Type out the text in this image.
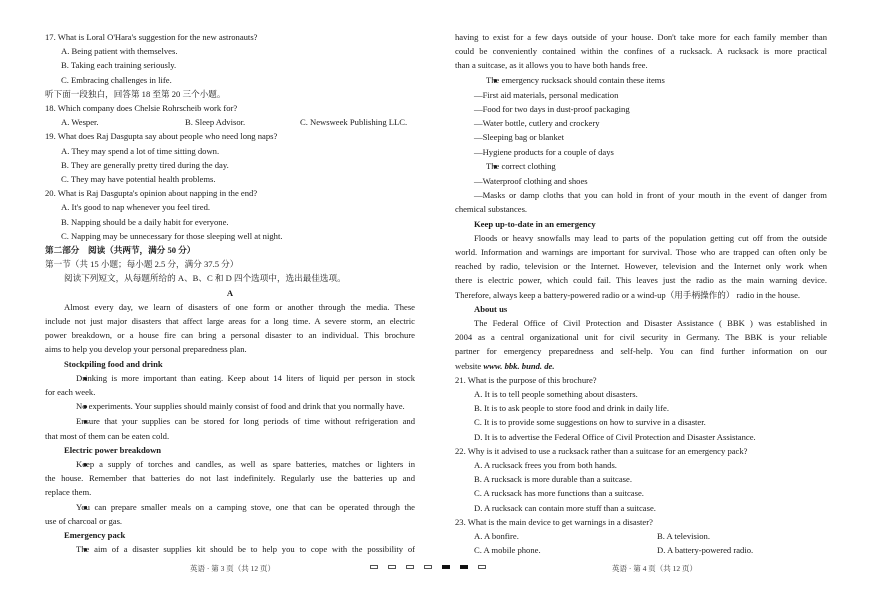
17. What is Loral O'Hara's suggestion for the new astronauts?
A. Being patient with themselves.
B. Taking each training seriously.
C. Embracing challenges in life.
听下面一段独白，回答第 18 至第 20 三个小题。
18. Which company does Chelsie Rohrscheib work for?
A. Wesper.	B. Sleep Advisor.	C. Newsweek Publishing LLC.
19. What does Raj Dasgupta say about people who need long naps?
A. They may spend a lot of time sitting down.
B. They are generally pretty tired during the day.
C. They may have potential health problems.
20. What is Raj Dasgupta's opinion about napping in the end?
A. It's good to nap whenever you feel tired.
B. Napping should be a daily habit for everyone.
C. Napping may be unnecessary for those sleeping well at night.
第二部分　阅读（共两节，满分 50 分）
第一节（共 15 小题；每小题 2.5 分，满分 37.5 分）
阅读下列短文，从每题所给的 A、B、C 和 D 四个选项中，选出最佳选项。
A
Almost every day, we learn of disasters of one form or another through the media. These
include not just major disasters that affect large areas for a long time. A severe storm, an electric
power breakdown, or a house fire can bring a personal disaster to an individual. This brochure
aims to help you develop your personal preparedness plan.
Stockpiling food and drink
● Drinking is more important than eating. Keep about 14 liters of liquid per person in stock
for each week.
● No experiments. Your supplies should mainly consist of food and drink that you normally have.
● Ensure that your supplies can be stored for long periods of time without refrigeration and
that most of them can be eaten cold.
Electric power breakdown
● Keep a supply of torches and candles, as well as spare batteries, matches or lighters in
the house. Remember that batteries do not last indefinitely. Regularly use the batteries up and
replace them.
● You can prepare smaller meals on a camping stove, one that can be operated through the
use of charcoal or gas.
Emergency pack
● The aim of a disaster supplies kit should be to help you to cope with the possibility of
having to exist for a few days outside of your house. Don't take more for each family member than
could be conveniently contained within the confines of a rucksack. A rucksack is more practical
than a suitcase, as it allows you to have both hands free.
● The emergency rucksack should contain these items
—First aid materials, personal medication
—Food for two days in dust-proof packaging
—Water bottle, cutlery and crockery
—Sleeping bag or blanket
—Hygiene products for a couple of days
● The correct clothing
—Waterproof clothing and shoes
—Masks or damp cloths that you can hold in front of your mouth in the event of danger from
chemical substances.
Keep up-to-date in an emergency
Floods or heavy snowfalls may lead to parts of the population getting cut off from the outside
world. Information and warnings are important for survival. Those who are trapped can often only be
reached by radio, television or the Internet. However, television and the Internet only work when
there is electric power, which could fail. This leaves just the radio as the main warning device.
Therefore, always keep a battery-powered radio or a wind-up（用手柄操作的） radio in the house.
About us
The Federal Office of Civil Protection and Disaster Assistance ( BBK ) was established in
2004 as a central organizational unit for civil security in Germany. The BBK is your reliable
partner for emergency preparedness and self-help. You can find further information on our
website www. bbk. bund. de.
21. What is the purpose of this brochure?
A. It is to tell people something about disasters.
B. It is to ask people to store food and drink in daily life.
C. It is to provide some suggestions on how to survive in a disaster.
D. It is to advertise the Federal Office of Civil Protection and Disaster Assistance.
22. Why is it advised to use a rucksack rather than a suitcase for an emergency pack?
A. A rucksack frees you from both hands.
B. A rucksack is more durable than a suitcase.
C. A rucksack has more functions than a suitcase.
D. A rucksack can contain more stuff than a suitcase.
23. What is the main device to get warnings in a disaster?
A. A bonfire.	B. A television.
C. A mobile phone.	D. A battery-powered radio.
英语 · 第 3 页（共 12 页）	英语 · 第 4 页（共 12 页）
